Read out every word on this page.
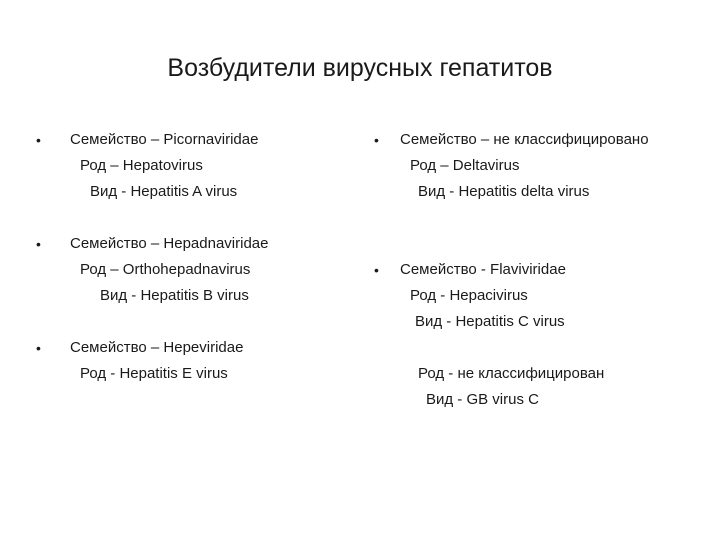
Возбудители вирусных гепатитов
• Семейство – Picornaviridae
Род – Hepatovirus
Вид - Hepatitis A virus
• Семейство – Hepadnaviridae
Род – Orthohepadnavirus
Вид - Hepatitis B virus
• Семейство – Hepeviridae
Род - Hepatitis E virus
• Семейство – не классифицировано
Род – Deltavirus
Вид - Hepatitis delta virus
• Семейство - Flaviviridae
Род - Hepacivirus
Вид - Hepatitis C virus
Род - не классифицирован
Вид - GB virus C
